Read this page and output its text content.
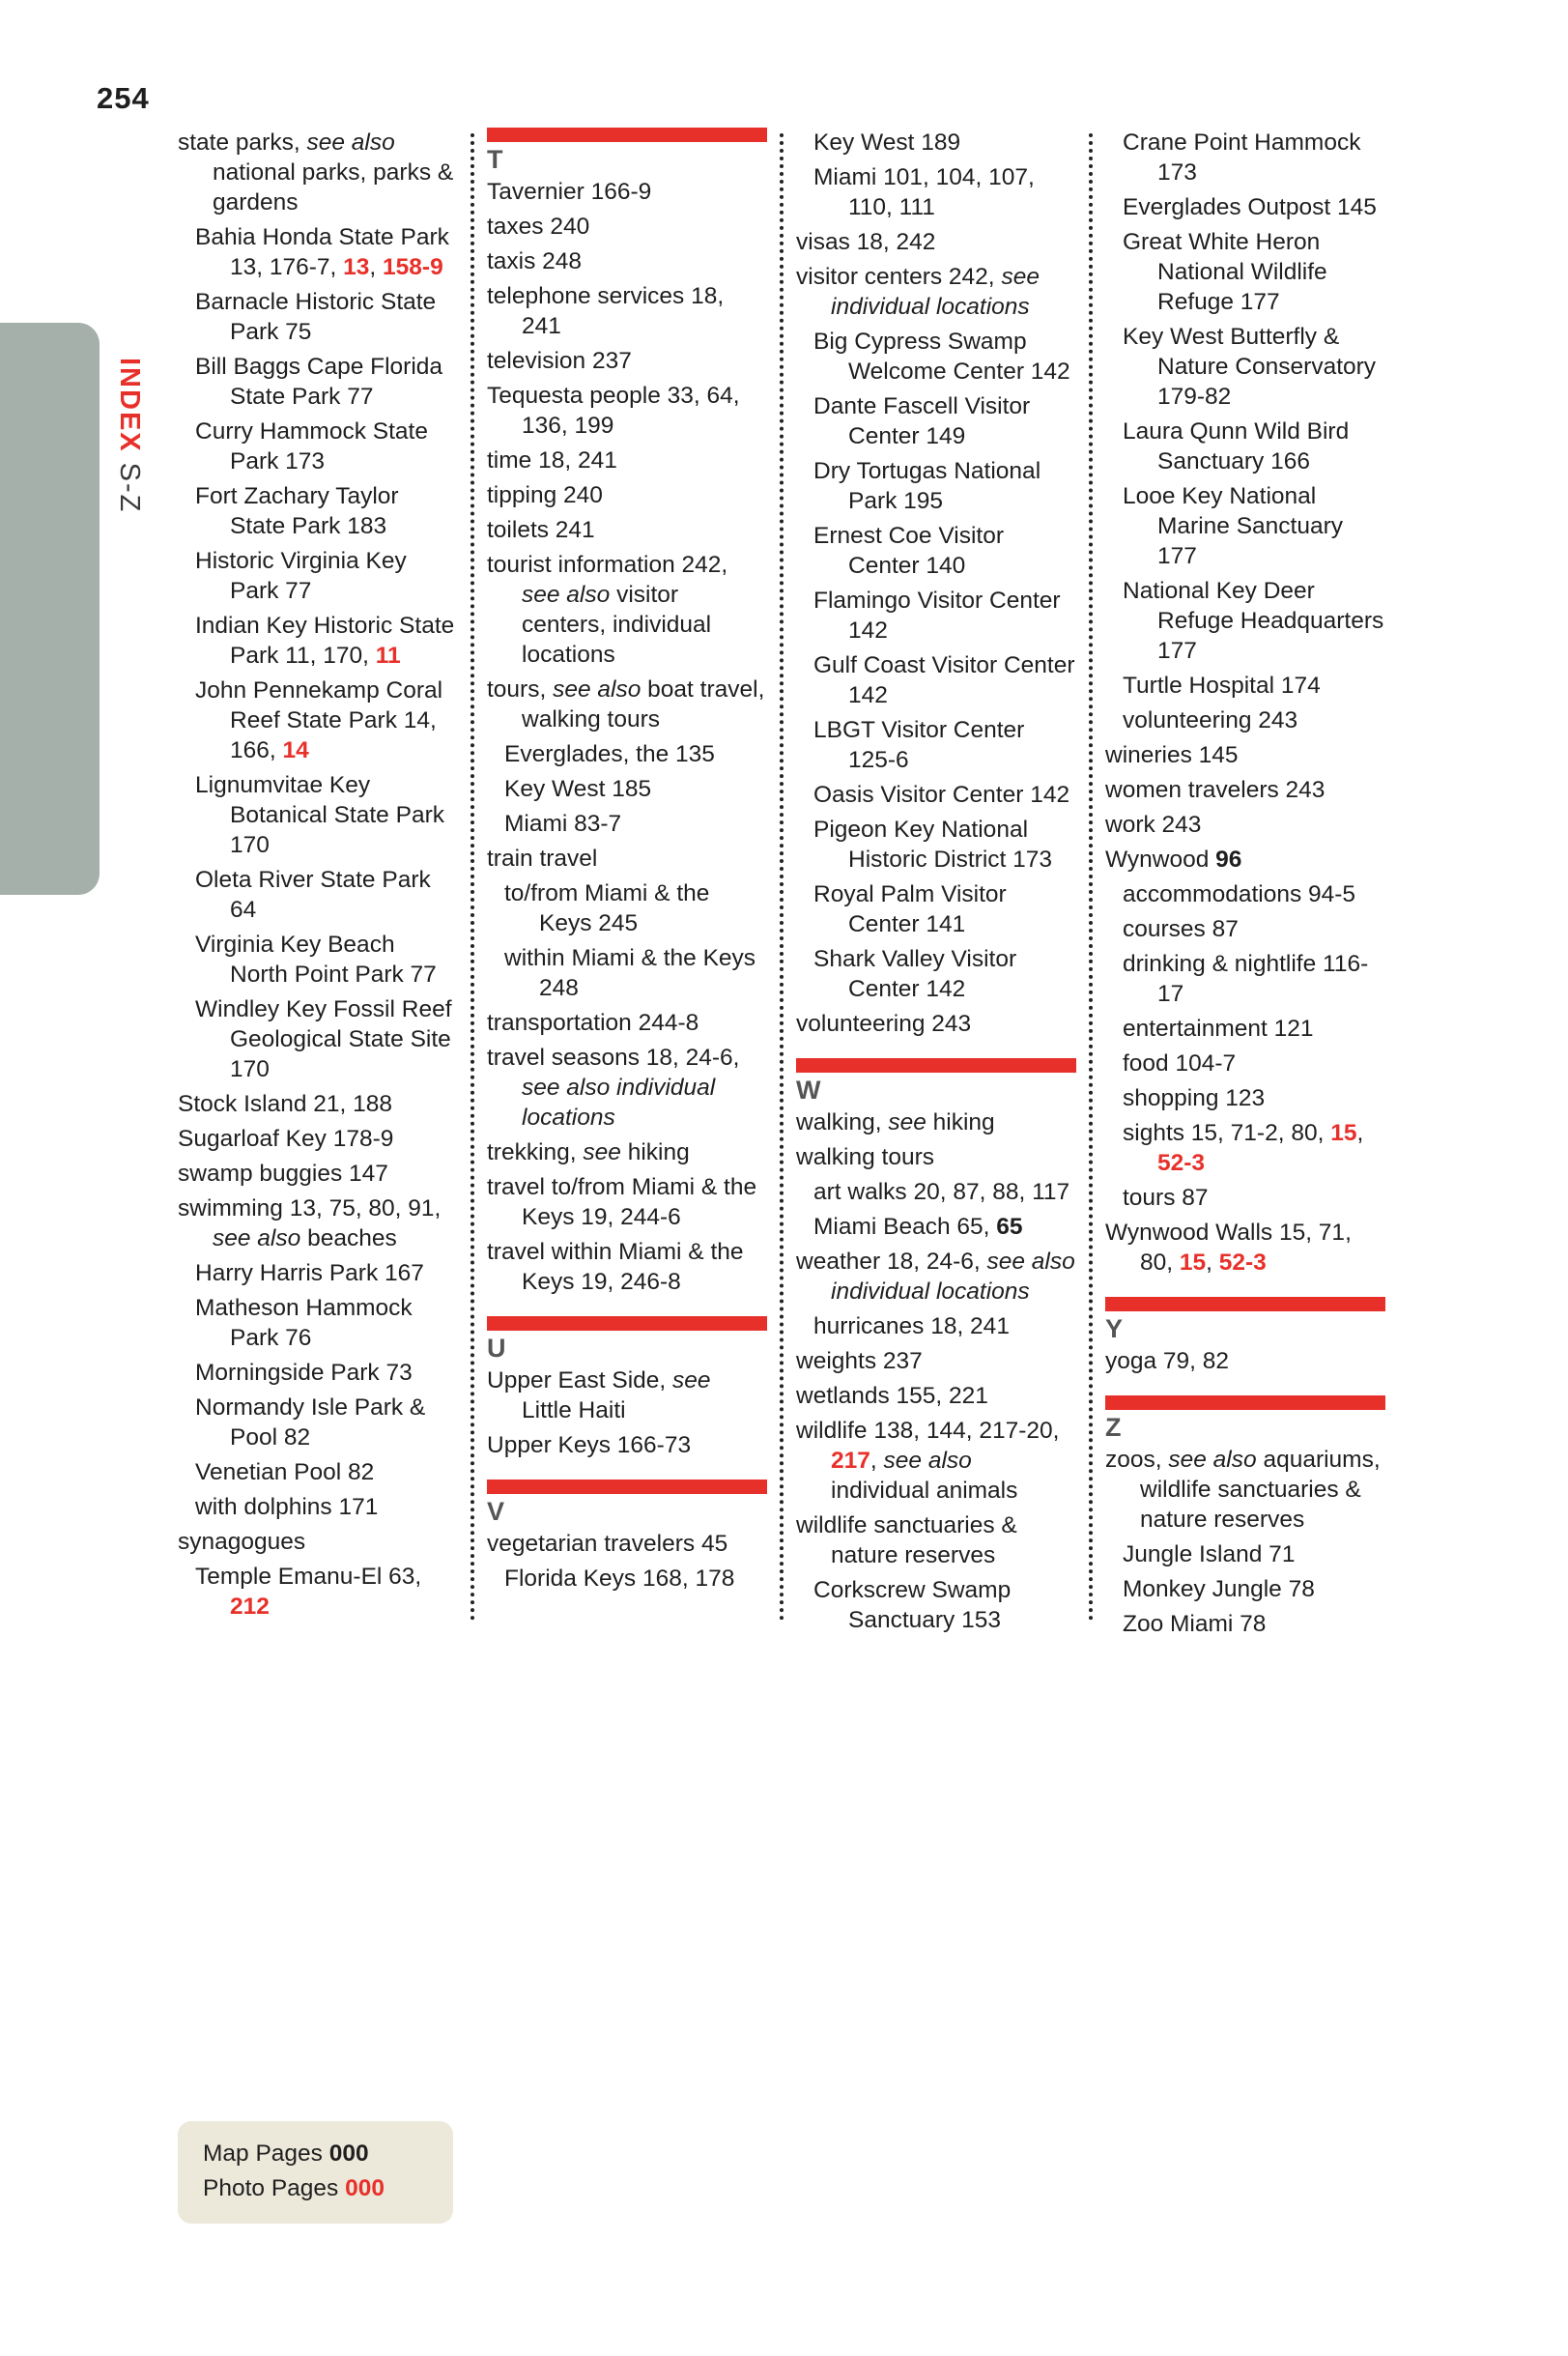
254
INDEXS-Z
state parks, see also national parks, parks & gardens
Bahia Honda State Park 13, 176-7, 13, 158-9
Barnacle Historic State Park 75
Bill Baggs Cape Florida State Park 77
Curry Hammock State Park 173
Fort Zachary Taylor State Park 183
Historic Virginia Key Park 77
Indian Key Historic State Park 11, 170, 11
John Pennekamp Coral Reef State Park 14, 166, 14
Lignumvitae Key Botanical State Park 170
Oleta River State Park 64
Virginia Key Beach North Point Park 77
Windley Key Fossil Reef Geological State Site 170
Stock Island 21, 188
Sugarloaf Key 178-9
swamp buggies 147
swimming 13, 75, 80, 91, see also beaches
Harry Harris Park 167
Matheson Hammock Park 76
Morningside Park 73
Normandy Isle Park & Pool 82
Venetian Pool 82
with dolphins 171
synagogues
Temple Emanu-El 63, 212
T
Tavernier 166-9
taxes 240
taxis 248
telephone services 18, 241
television 237
Tequesta people 33, 64, 136, 199
time 18, 241
tipping 240
toilets 241
tourist information 242, see also visitor centers, individual locations
tours, see also boat travel, walking tours
Everglades, the 135
Key West 185
Miami 83-7
train travel
to/from Miami & the Keys 245
within Miami & the Keys 248
transportation 244-8
travel seasons 18, 24-6, see also individual locations
trekking, see hiking
travel to/from Miami & the Keys 19, 244-6
travel within Miami & the Keys 19, 246-8
U
Upper East Side, see Little Haiti
Upper Keys 166-73
V
vegetarian travelers 45
Florida Keys 168, 178
Key West 189
Miami 101, 104, 107, 110, 111
visas 18, 242
visitor centers 242, see individual locations
Big Cypress Swamp Welcome Center 142
Dante Fascell Visitor Center 149
Dry Tortugas National Park 195
Ernest Coe Visitor Center 140
Flamingo Visitor Center 142
Gulf Coast Visitor Center 142
LBGT Visitor Center 125-6
Oasis Visitor Center 142
Pigeon Key National Historic District 173
Royal Palm Visitor Center 141
Shark Valley Visitor Center 142
volunteering 243
W
walking, see hiking
walking tours
art walks 20, 87, 88, 117
Miami Beach 65, 65
weather 18, 24-6, see also individual locations
hurricanes 18, 241
weights 237
wetlands 155, 221
wildlife 138, 144, 217-20, 217, see also individual animals
wildlife sanctuaries & nature reserves
Corkscrew Swamp Sanctuary 153
Crane Point Hammock 173
Everglades Outpost 145
Great White Heron National Wildlife Refuge 177
Key West Butterfly & Nature Conservatory 179-82
Laura Qunn Wild Bird Sanctuary 166
Looe Key National Marine Sanctuary 177
National Key Deer Refuge Headquarters 177
Turtle Hospital 174
volunteering 243
wineries 145
women travelers 243
work 243
Wynwood 96
accommodations 94-5
courses 87
drinking & nightlife 116-17
entertainment 121
food 104-7
shopping 123
sights 15, 71-2, 80, 15, 52-3
tours 87
Wynwood Walls 15, 71, 80, 15, 52-3
Y
yoga 79, 82
Z
zoos, see also aquariums, wildlife sanctuaries & nature reserves
Jungle Island 71
Monkey Jungle 78
Zoo Miami 78
Map Pages 000
Photo Pages 000
